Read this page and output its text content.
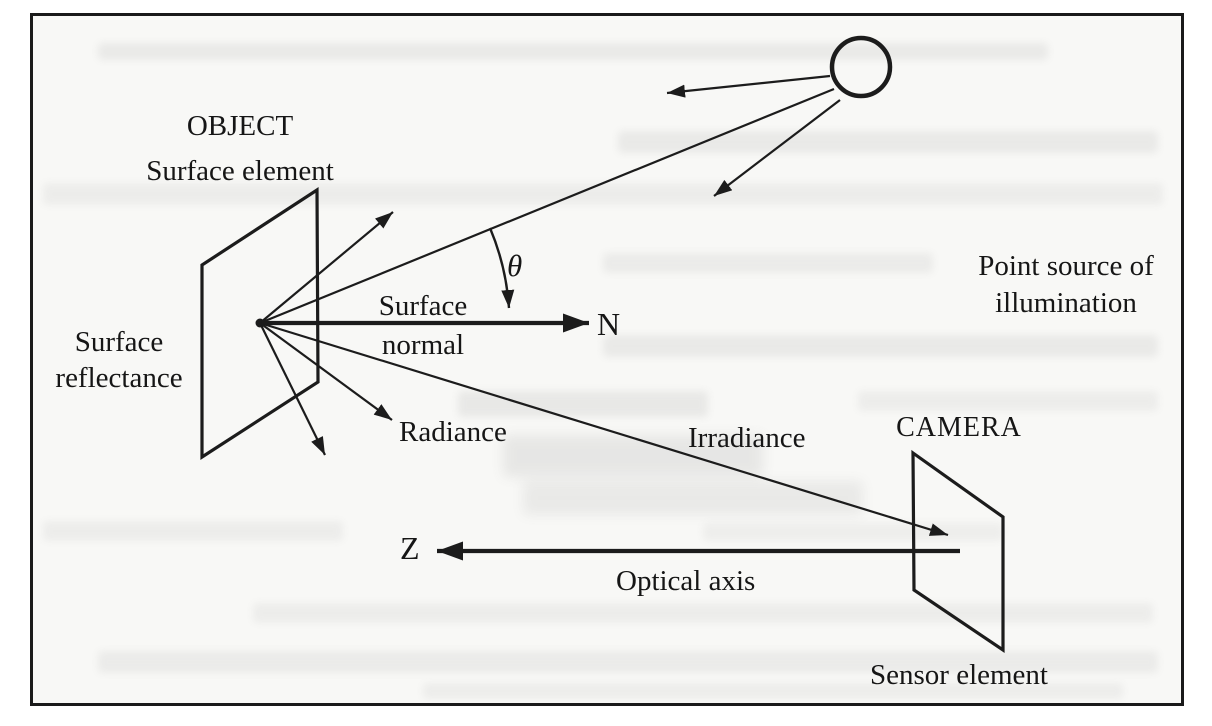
OBJECT
Surface element
Surface
reflectance
Surface
normal
θ
N
Radiance	Irradiance	CAMERA
Point source of
illumination
Z
Optical axis
Sensor element
